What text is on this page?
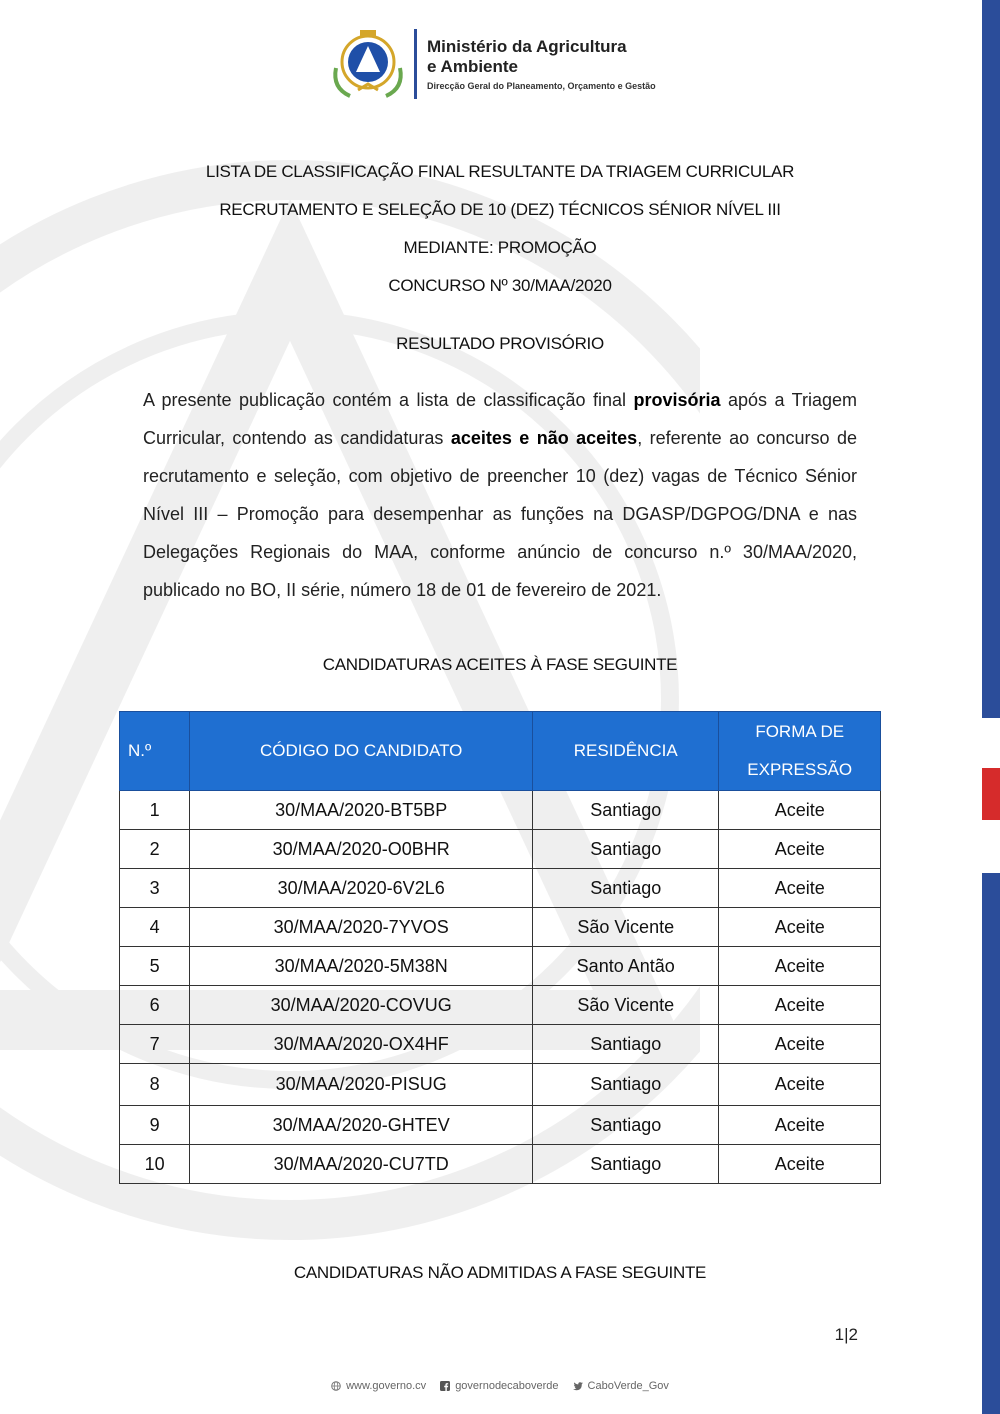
Ministério da Agricultura
e Ambiente
Direcção Geral do Planeamento, Orçamento e Gestão
LISTA DE CLASSIFICAÇÃO FINAL RESULTANTE DA TRIAGEM CURRICULAR
RECRUTAMENTO E SELEÇÃO DE 10 (DEZ) TÉCNICOS SÉNIOR NÍVEL III
MEDIANTE: PROMOÇÃO
CONCURSO Nº 30/MAA/2020
RESULTADO PROVISÓRIO
A presente publicação contém a lista de classificação final provisória após a Triagem Curricular, contendo as candidaturas aceites e não aceites, referente ao concurso de recrutamento e seleção, com objetivo de preencher 10 (dez) vagas de Técnico Sénior Nível III – Promoção para desempenhar as funções na DGASP/DGPOG/DNA e nas Delegações Regionais do MAA, conforme anúncio de concurso n.º 30/MAA/2020, publicado no BO, II série, número 18 de 01 de fevereiro de 2021.
CANDIDATURAS ACEITES À FASE SEGUINTE
N.º	CÓDIGO DO CANDIDATO	RESIDÊNCIA	FORMA DE
EXPRESSÃO
1	30/MAA/2020-BT5BP	Santiago	Aceite
2	30/MAA/2020-O0BHR	Santiago	Aceite
3	30/MAA/2020-6V2L6	Santiago	Aceite
4	30/MAA/2020-7YVOS	São Vicente	Aceite
5	30/MAA/2020-5M38N	Santo Antão	Aceite
6	30/MAA/2020-COVUG	São Vicente	Aceite
7	30/MAA/2020-OX4HF	Santiago	Aceite
8	30/MAA/2020-PISUG	Santiago	Aceite
9	30/MAA/2020-GHTEV	Santiago	Aceite
10	30/MAA/2020-CU7TD	Santiago	Aceite
CANDIDATURAS NÃO ADMITIDAS A FASE SEGUINTE
1|2
www.governo.cv	governodecaboverde	CaboVerde_Gov
